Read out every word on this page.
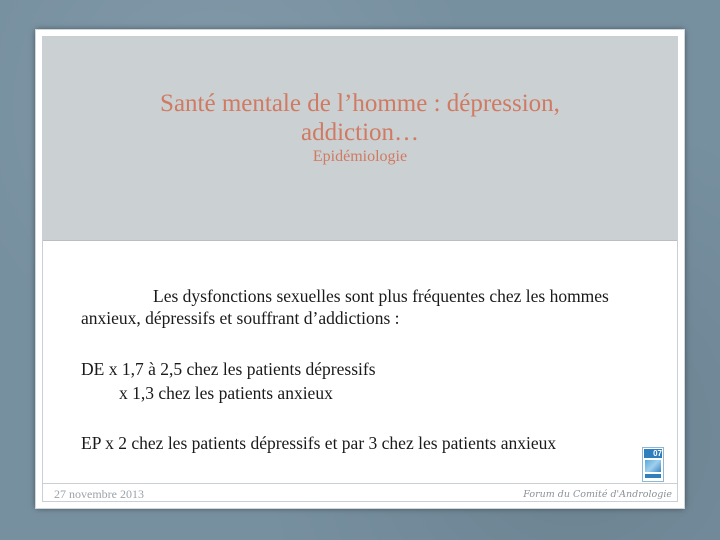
Santé mentale de l’homme : dépression,
addiction…
Epidémiologie
Les dysfonctions sexuelles sont plus fréquentes chez les hommes anxieux, dépressifs et souffrant d’addictions :
DE x 1,7 à 2,5 chez les patients dépressifs
x 1,3 chez les patients anxieux
EP x 2 chez les patients dépressifs et par 3 chez les patients anxieux
07
27 novembre 2013	Forum du Comité d'Andrologie
